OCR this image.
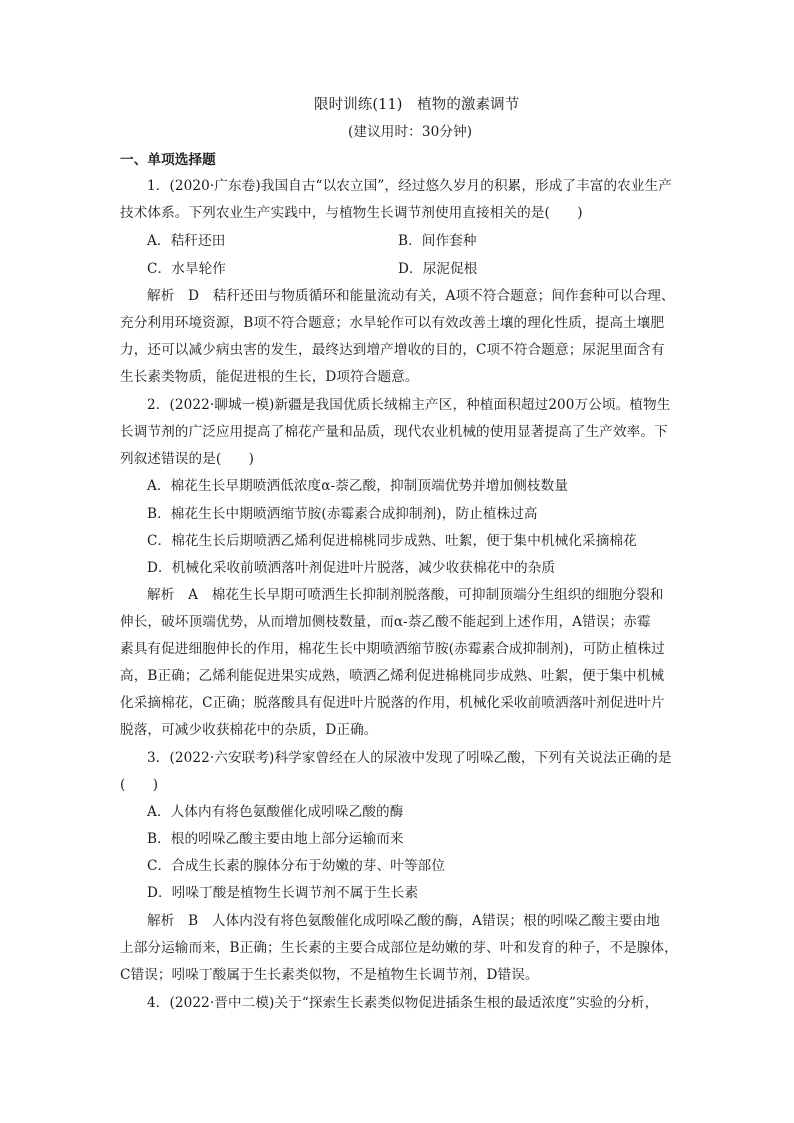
限时训练(11)　植物的激素调节
(建议用时：30分钟)
一、单项选择题
1．(2020·广东卷)我国自古“以农立国”，经过悠久岁月的积累，形成了丰富的农业生产
技术体系。下列农业生产实践中，与植物生长调节剂使用直接相关的是(　　)
A．秸秆还田	B．间作套种
C．水旱轮作	D．尿泥促根
解析　D　秸秆还田与物质循环和能量流动有关，A项不符合题意；间作套种可以合理、
充分利用环境资源，B项不符合题意；水旱轮作可以有效改善土壤的理化性质，提高土壤肥
力，还可以减少病虫害的发生，最终达到增产增收的目的，C项不符合题意；尿泥里面含有
生长素类物质，能促进根的生长，D项符合题意。
2．(2022·聊城一模)新疆是我国优质长绒棉主产区，种植面积超过200万公顷。植物生
长调节剂的广泛应用提高了棉花产量和品质，现代农业机械的使用显著提高了生产效率。下
列叙述错误的是(　　)
A．棉花生长早期喷洒低浓度α-萘乙酸，抑制顶端优势并增加侧枝数量
B．棉花生长中期喷洒缩节胺(赤霉素合成抑制剂)，防止植株过高
C．棉花生长后期喷洒乙烯利促进棉桃同步成熟、吐絮，便于集中机械化采摘棉花
D．机械化采收前喷洒落叶剂促进叶片脱落，减少收获棉花中的杂质
解析　A　棉花生长早期可喷洒生长抑制剂脱落酸，可抑制顶端分生组织的细胞分裂和
伸长，破坏顶端优势，从而增加侧枝数量，而α-萘乙酸不能起到上述作用，A错误；赤霉
素具有促进细胞伸长的作用，棉花生长中期喷洒缩节胺(赤霉素合成抑制剂)，可防止植株过
高，B正确；乙烯利能促进果实成熟，喷洒乙烯利促进棉桃同步成熟、吐絮，便于集中机械
化采摘棉花，C正确；脱落酸具有促进叶片脱落的作用，机械化采收前喷洒落叶剂促进叶片
脱落，可减少收获棉花中的杂质，D正确。
3．(2022·六安联考)科学家曾经在人的尿液中发现了吲哚乙酸，下列有关说法正确的是
(　　)
A．人体内有将色氨酸催化成吲哚乙酸的酶
B．根的吲哚乙酸主要由地上部分运输而来
C．合成生长素的腺体分布于幼嫩的芽、叶等部位
D．吲哚丁酸是植物生长调节剂不属于生长素
解析　B　人体内没有将色氨酸催化成吲哚乙酸的酶，A错误；根的吲哚乙酸主要由地
上部分运输而来，B正确；生长素的主要合成部位是幼嫩的芽、叶和发育的种子，不是腺体，
C错误；吲哚丁酸属于生长素类似物，不是植物生长调节剂，D错误。
4．(2022·晋中二模)关于“探索生长素类似物促进插条生根的最适浓度”实验的分析，
